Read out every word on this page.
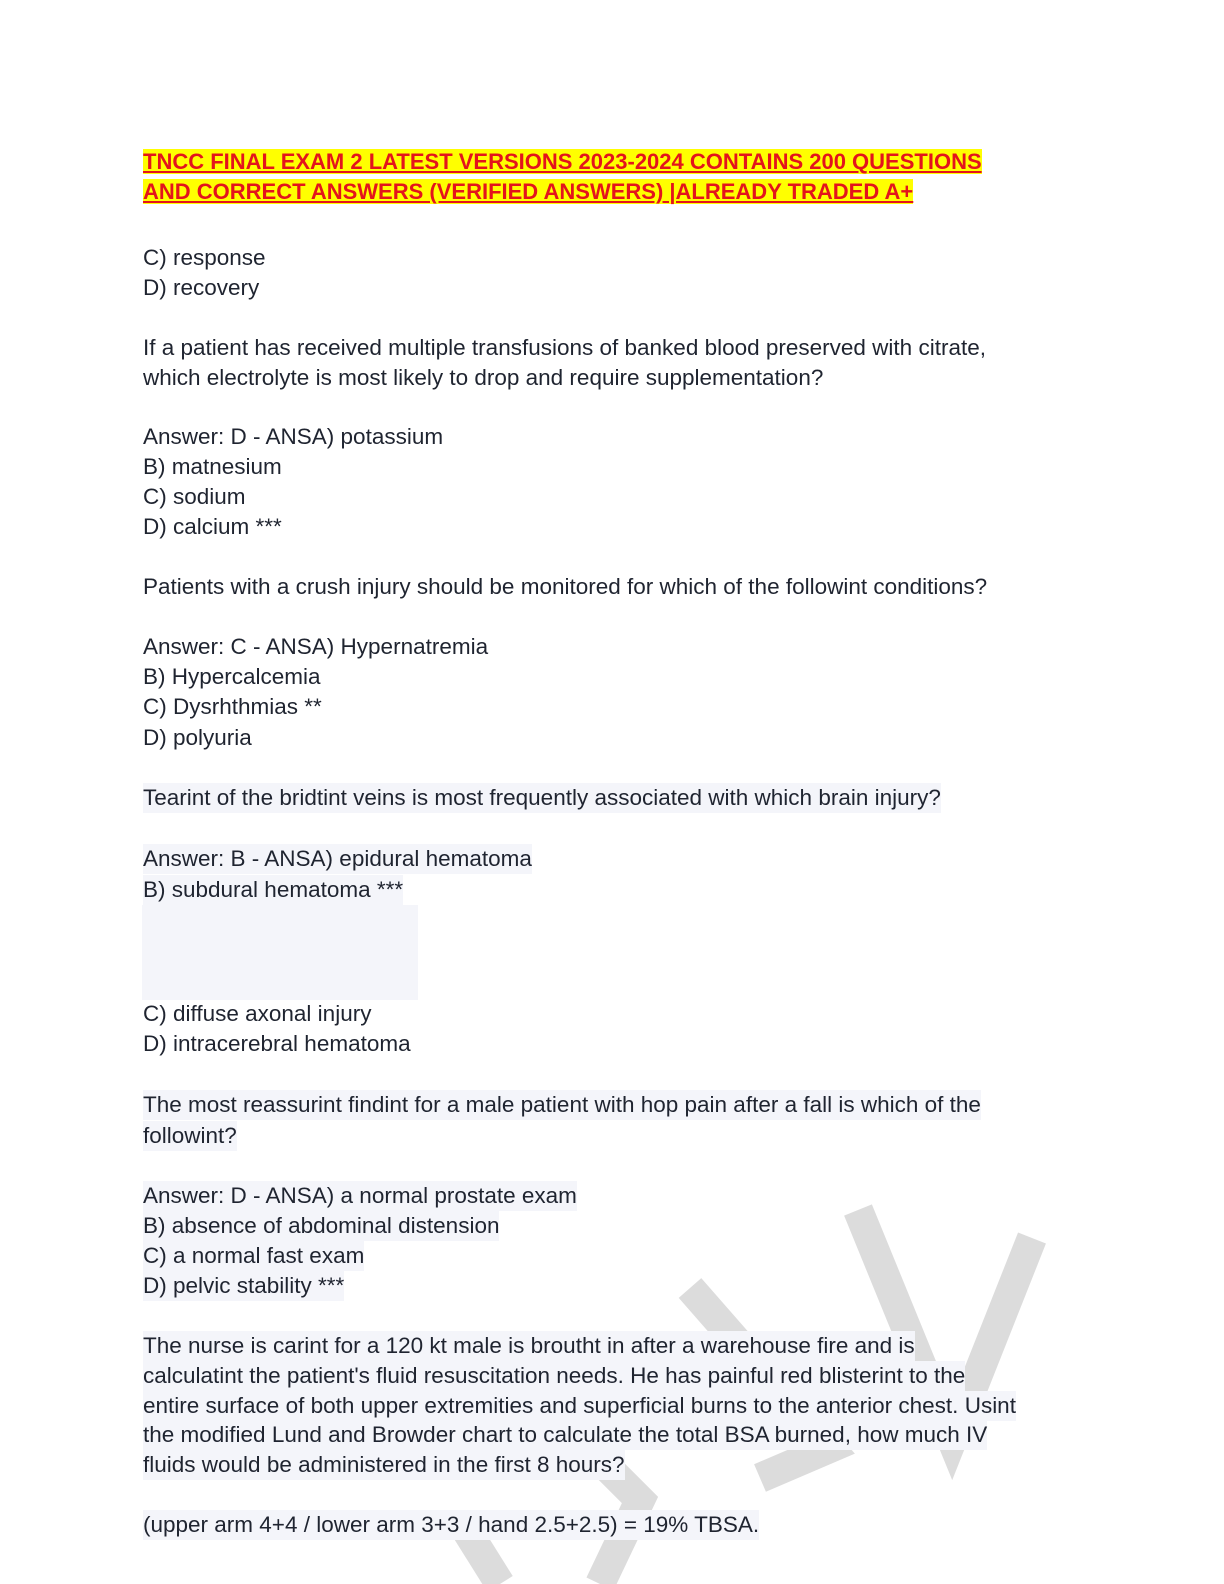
TNCC FINAL EXAM 2 LATEST VERSIONS 2023-2024 CONTAINS 200 QUESTIONS
AND CORRECT ANSWERS (VERIFIED ANSWERS) |ALREADY TRADED A+
C) response
D) recovery
If a patient has received multiple transfusions of banked blood preserved with citrate,
which electrolyte is most likely to drop and require supplementation?
Answer: D - ANSA) potassium
B) matnesium
C) sodium
D) calcium ***
Patients with a crush injury should be monitored for which of the followint conditions?
Answer: C - ANSA) Hypernatremia
B) Hypercalcemia
C) Dysrhthmias **
D) polyuria
Tearint of the bridtint veins is most frequently associated with which brain injury?
Answer: B - ANSA) epidural hematoma
B) subdural hematoma ***
C) diffuse axonal injury
D) intracerebral hematoma
The most reassurint findint for a male patient with hop pain after a fall is which of the
followint?
Answer: D - ANSA) a normal prostate exam
B) absence of abdominal distension
C) a normal fast exam
D) pelvic stability ***
The nurse is carint for a 120 kt male is broutht in after a warehouse fire and is
calculatint the patient's fluid resuscitation needs. He has painful red blisterint to the
entire surface of both upper extremities and superficial burns to the anterior chest. Usint
the modified Lund and Browder chart to calculate the total BSA burned, how much IV
fluids would be administered in the first 8 hours?
(upper arm 4+4 / lower arm 3+3 / hand 2.5+2.5) = 19% TBSA.
